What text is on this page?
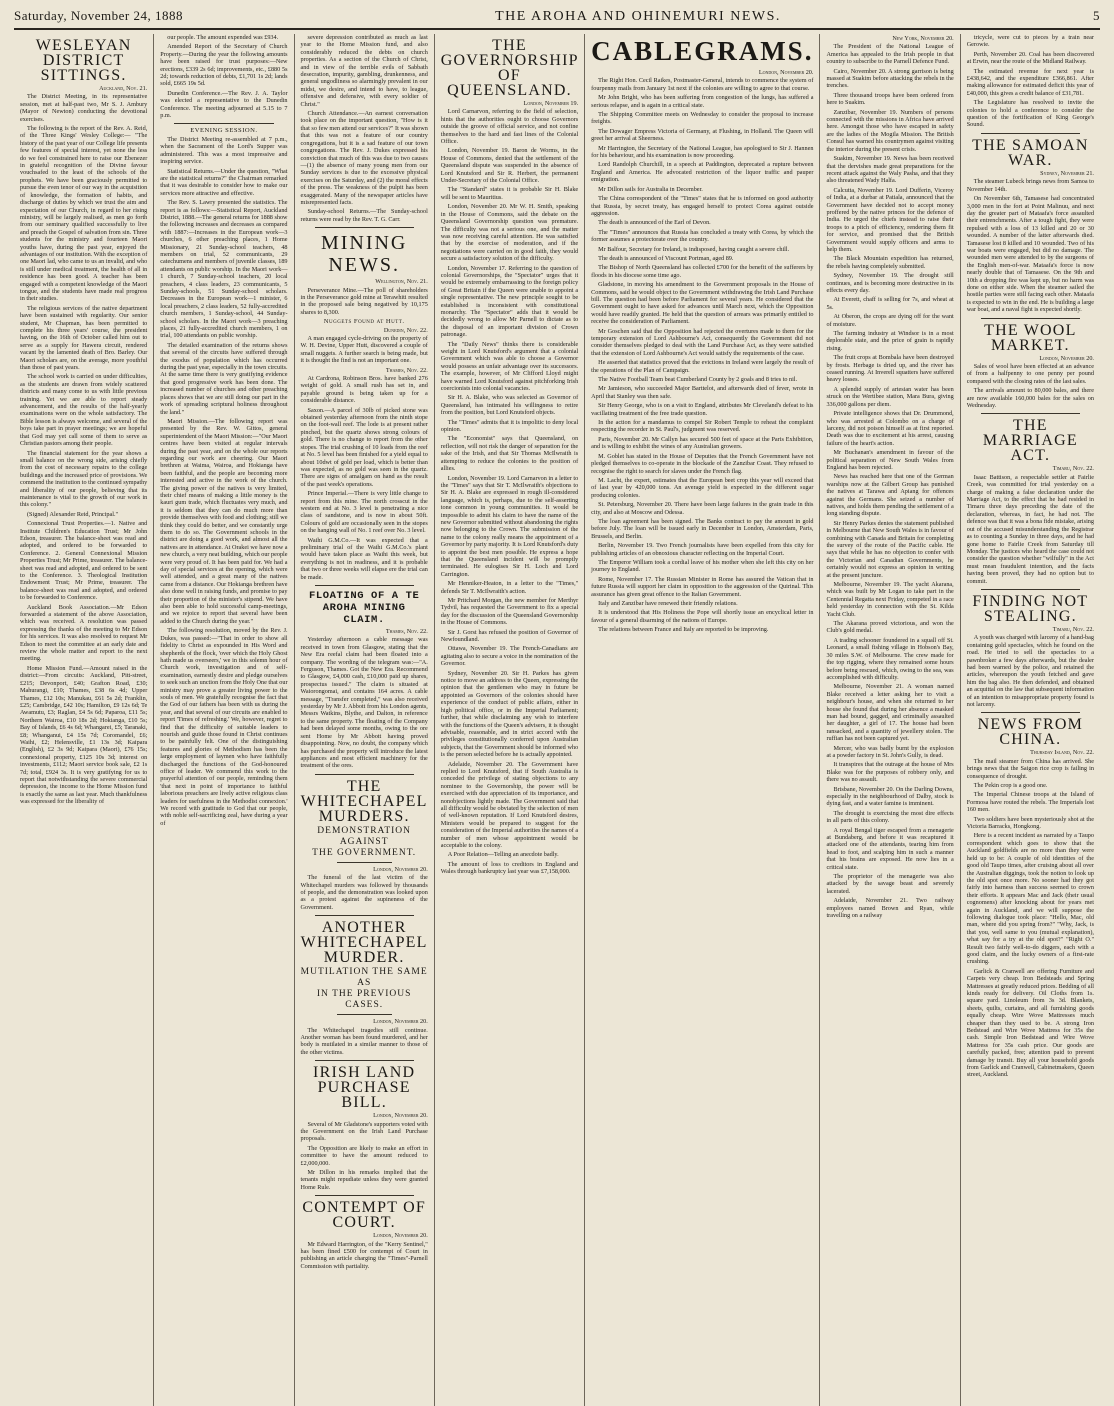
Saturday, November 24, 1888	THE AROHA AND OHINEMURI NEWS.	5
WESLEYAN DISTRICT SITTINGS.
Auckland, Nov. 21.

The District Meeting, in its representative session, met at half-past two, Mr S. J. Ambury (Mayor of Newton) conducting the devotional exercises.

The following is the report of the Rev. A. Reid, of the Three Kings' Wesley College:— "The history of the past year of our College life presents few features of special interest, yet none the less do we feel constrained here to raise our Ebenezer in grateful recognition of the Divine favour vouchsafed to the least of the schools of the prophets. We have been graciously permitted to pursue the even tenor of our way in the acquisition of knowledge, the formation of habits, and discharge of duties by which we trust the aim and expectation of our Church, in regard to her rising ministry, will be largely realised, as men go forth from our seminary qualified successfully to live and preach the Gospel of salvation from sin. Three students for the ministry and fourteen Maori youths have, during the past year, enjoyed the advantages of our institution. With the exception of one Maori lad, who came to us an invalid, and who is still under medical treatment, the health of all in residence has been good. A teacher has been engaged with a competent knowledge of the Maori tongue, and the students have made real progress in their studies.

The religious services of the native department have been sustained with regularity. Our senior student, Mr Chapman, has been permitted to complete his three years' course, the president having, on the 16th of October called him out to serve as a supply for Hawera circuit, rendered vacant by the lamented death of Bro. Barley. Our Maori scholars are, on the average, more youthful than those of past years.

The school work is carried on under difficulties, as the students are drawn from widely scattered districts and many come to us with little previous training. Yet we are able to report steady advancement, and the results of the half-yearly examinations were on the whole satisfactory. The Bible lesson is always welcome, and several of the boys take part in prayer meetings; we are hopeful that God may yet call some of them to serve as Christian pastors among their people.

The financial statement for the year shows a small balance on the wrong side, arising chiefly from the cost of necessary repairs to the college buildings and the increased price of provisions. We commend the institution to the continued sympathy and liberality of our people, believing that its maintenance is vital to the growth of our work in this colony."

(Signed) Alexander Reid, Principal."

Connexional Trust Properties.—1. Native and Institute Children's Education Trust; Mr John Edson, treasurer. The balance-sheet was read and adopted, and ordered to be forwarded to Conference. 2. General Connexional Mission Properties Trust; Mr Prime, treasurer. The balance-sheet was read and adopted, and ordered to be sent to the Conference. 3. Theological Institution Endowment Trust; Mr Prime, treasurer. The balance-sheet was read and adopted, and ordered to be forwarded to Conference.

Auckland Book Association.—Mr Edson forwarded a statement of the above Association, which was received. A resolution was passed expressing the thanks of the meeting to Mr Edson for his services. It was also resolved to request Mr Edson to meet the committee at an early date and review the whole matter and report to the next meeting.

Home Mission Fund.—Amount raised in the district:—From circuits: Auckland, Pitt-street, £215; Devonport, £40; Grafton Road, £30; Mahurangi, £10; Thames, £38 6s 4d; Upper Thames, £12 10s; Manukau, £61 5s 2d; Franklin, £25; Cambridge, £42 10s; Hamilton, £9 12s 6d; Te Awamutu, £3; Raglan, £4 5s 6d; Paparoa, £11 5s; Northern Wairoa, £10 18s 2d; Hokianga, £10 5s; Bay of Islands, £6 4s 6d; Whangarei, £5; Taranaki, £8; Whanganui, £4 15s 7d; Coromandel, £6; Waihi, £2; Helensville, £1 13s 3d; Kaipara (English), £2 3s 9d; Kaipara (Maori), £76 15s; connexional property, £125 10s 3d; interest on investments, £112; Maori service book sale, £2 1s 7d; total, £924 3s. It is very gratifying for us to report that notwithstanding the severe commercial depression, the income to the Home Mission fund is exactly the same as last year. Much thankfulness was expressed for the liberality of

our people. The amount expended was £934.

Amended Report of the Secretary of Church Property.—During the year the following amounts have been raised for trust purposes:—New erections, £339 2s 6d; improvements, etc., £880 5s 2d; towards reduction of debts, £1,701 1s 2d; lands sold, £665 19s 5d.

Dunedin Conference.—The Rev. J. A. Taylor was elected a representative to the Dunedin Conference. The meeting adjourned at 5.15 to 7 p.m.

EVENING SESSION.

The District Meeting re-assembled at 7 p.m., when the Sacrament of the Lord's Supper was administered. This was a most impressive and inspiring service.

Statistical Returns.—Under the question, "What are the statistical returns?" the Chairman remarked that it was desirable to consider how to make our services more attractive and effective.

The Rev. S. Lawry presented the statistics. The report is as follows:—Statistical Report, Auckland District, 1888.—The general returns for 1888 show the following increases and decreases as compared with 1887:—Increases in the European work—3 churches, 6 other preaching places, 1 Home Missionary, 21 Sunday-school teachers, 48 members on trial, 52 communicants, 29 catechumens and members of juvenile classes, 189 attendants on public worship. In the Maori work—1 church, 7 Sunday-school teachers, 20 local preachers, 4 class leaders, 23 communicants, 5 Sunday-schools, 51 Sunday-school scholars. Decreases in the European work—1 minister, 6 local preachers, 2 class leaders, 52 fully-accredited church members, 1 Sunday-school, 44 Sunday-school scholars. In the Maori work—3 preaching places, 21 fully-accredited church members, 1 on trial, 100 attendants on public worship.

The detailed examination of the returns shows that several of the circuits have suffered through the exodus of population which has occurred during the past year, especially in the town circuits. At the same time there is very gratifying evidence that good progressive work has been done. The increased number of churches and other preaching places shows that we are still doing our part in the work of spreading scriptural holiness throughout the land."

Maori Mission.—The following report was presented by the Rev. W. Gittos, general superintendent of the Maori Mission:—"Our Maori centres have been visited at regular intervals during the past year, and on the whole our reports regarding our work are cheering. Our Maori brethren at Waima, Wairoa, and Hokianga have been faithful, and the people are becoming more interested and active in the work of the church. The giving power of the natives is very limited, their chief means of making a little money is the kauri gum trade, which fluctuates very much, and it is seldom that they can do much more than provide themselves with food and clothing; still we think they could do better, and we constantly urge them to do so. The Government schools in the district are doing a good work, and almost all the natives are in attendance. At Orakei we have now a new church, a very neat building, which our people were very proud of. It has been paid for. We had a day of special services at the opening, which were well attended, and a great many of the natives came from a distance. Our Hokianga brethren have also done well in raising funds, and promise to pay their proportion of the minister's stipend. We have also been able to hold successful camp-meetings, and we rejoice to report that several have been added to the Church during the year."

The following resolution, moved by the Rev. J. Dukes, was passed:—"That in order to show all fidelity to Christ as expounded in His Word and shepherds of the flock, 'over which the Holy Ghost hath made us overseers,' we in this solemn hour of Church work, investigation and of self-examination, earnestly desire and pledge ourselves to seek such an unction from the Holy One that our ministry may prove a greater living power to the souls of men. We gratefully recognise the fact that the God of our fathers has been with us during the year, and that several of our circuits are enabled to report 'Times of refreshing.' We, however, regret to find that the difficulty of suitable leaders to nourish and guide those found in Christ continues to be painfully felt. One of the distinguishing features and glories of Methodism has been the large employment of laymen who have faithfully discharged the functions of the God-honoured office of leader. We commend this work to the prayerful attention of our people, reminding them 'that next in point of importance to faithful laborious preachers are lively active religious class leaders for usefulness in the Methodist connexion.' We record with gratitude to God that our people, with noble self-sacrificing zeal, have during a year of

severe depression contributed as much as last year to the Home Mission fund, and also considerably reduced the debts on church properties. As a section of the Church of Christ, and in view of the terrible evils of Sabbath desecration, impurity, gambling, drunkenness, and general ungodliness so alarmingly prevalent in our midst, we desire, and intend to have, to league, offensive and defensive, with every soldier of Christ."

Church Attendance.—An earnest conversation took place on the important question, "How is it that so few men attend our services?" It was shown that this was not a feature of our country congregations, but it is a sad feature of our town congregations. The Rev. J. Dukes expressed his conviction that much of this was due to two causes—(1) the absence of many young men from our Sunday services is due to the excessive physical exercises on the Saturday, and (2) the moral effects of the press. The weakness of the pulpit has been exaggerated. Many of the newspaper articles have misrepresented facts.

Sunday-school Returns.—The Sunday-school returns were read by the Rev. T. G. Carr.

MINING NEWS.
Wellington, Nov. 21.

Perseverance Mine.—The poll of shareholders in the Perseverance gold mine at Terawhiti resulted in the proposed sale being negatived by 10,175 shares to 8,300.

Nuggets Found at Hutt.
Dunedin, Nov. 22.

A man engaged cycle-driving on the property of W. H. Devine, Upper Hutt, discovered a couple of small nuggets. A further search is being made, but it is thought the find is not an important one.

Thames, Nov. 22.

At Cardrona, Robinson Bros. have banked 276 weight of gold. A small rush has set in, and payable ground is being taken up for a considerable distance.

Saxon.—A parcel of 30lb of picked stone was obtained yesterday afternoon from the ninth stope on the foot-wall reef. The lode is at present rather pinched, but the quartz shows strong colours of gold. There is no change to report from the other stopes. The trial crushing of 10 loads from the reef at No. 5 level has been finished for a yield equal to about 10dwt of gold per load, which is better than was expected, as no gold was seen in the quartz. There are signs of amalgam on hand as the result of the past week's operations.

Prince Imperial.—There is very little change to report from this mine. The north crosscut in the western end at No. 3 level is penetrating a nice class of sandstone, and is now in about 50ft. Colours of gold are occasionally seen in the stopes on the hanging wall of No. 1 reef over No. 3 level.

Waihi G.M.Co.—It was expected that a preliminary trial of the Waihi G.M.Co.'s plant would have taken place as Waihi this week, but everything is not in readiness, and it is probable that two or three weeks will elapse ere the trial can be made.

FLOATING OF A TE AROHA MINING CLAIM.
Thames, Nov. 22.

Yesterday afternoon a cable message was received in town from Glasgow, stating that the New Era reefal claim had been floated into a company. The wording of the telegram was:—"A. Ferguson, Thames. Got the New Era. Recommend to Glasgow, £4,000 cash, £10,000 paid up shares, prospectus issued." The claim is situated at Waiorongomai, and contains 164 acres. A cable message, "Transfer completed," was also received yesterday by Mr J. Abbott from his London agents, Messrs Watkins, Blythe, and Dalton, in reference to the same property. The floating of the Company had been delayed some months, owing to the ore sent Home by Mr Abbott having proved disappointing. Now, no doubt, the company which has purchased the property will introduce the latest appliances and most efficient machinery for the treatment of the ores.

THE WHITECHAPEL MURDERS.
DEMONSTRATION AGAINST
THE GOVERNMENT.
London, November 20.

The funeral of the last victim of the Whitechapel murders was followed by thousands of people, and the demonstration was looked upon as a protest against the supineness of the Government.

ANOTHER WHITECHAPEL MURDER.
MUTILATION THE SAME AS
IN THE PREVIOUS CASES.
London, November 20.

The Whitechapel tragedies still continue. Another woman has been found murdered, and her body is mutilated in a similar manner to those of the other victims.

IRISH LAND PURCHASE BILL.
London, November 20.

Several of Mr Gladstone's supporters voted with the Government on the Irish Land Purchase proposals.

The Opposition are likely to make an effort in committee to have the amount reduced to £2,000,000.

Mr Dillon in his remarks implied that the tenants might repudiate unless they were granted Home Rule.

CONTEMPT OF COURT.
London, November 20.

Mr Edward Harrington, of the "Kerry Sentinel," has been fined £500 for contempt of Court in publishing an article charging the "Times"-Parnell Commission with partiality.

THE GOVERNORSHIP OF QUEENSLAND.
London, November 19.

Lord Carnarvon, referring to the field of selection, hints that the authorities ought to choose Governors outside the groove of official service, and not confine themselves to the hard and fast lines of the Colonial Office.

London, November 19. Baron de Worms, in the House of Commons, denied that the settlement of the Queensland dispute was suspended in the absence of Lord Knutsford and Sir R. Herbert, the permanent Under-Secretary of the Colonial Office.

The "Standard" states it is probable Sir H. Blake will be sent to Mauritius.

London, November 20. Mr W. H. Smith, speaking in the House of Commons, said the debate on the Queensland Governorship question was premature. The difficulty was not a serious one, and the matter was now receiving careful attention. He was satisfied that by the exercise of moderation, and if the negotiations were carried on in good faith, they would secure a satisfactory solution of the difficulty.

London, November 17. Referring to the question of colonial Governorships, the "Spectator" urges that it would be extremely embarrassing to the foreign policy of Great Britain if the Queen were unable to appoint a single representative. The new principle sought to be established is inconsistent with constitutional monarchy. The "Spectator" adds that it would be decidedly wrong to allow Mr Parnell to dictate as to the disposal of an important division of Crown patronage.

The "Daily News" thinks there is considerable weight in Lord Knutsford's argument that a colonial Government which was able to choose a Governor would possess an unfair advantage over its successors. The example, however, of Mr Clifford Lloyd might have warned Lord Knutsford against pitchforking Irish coercionists into colonial vacancies.

Sir H. A. Blake, who was selected as Governor of Queensland, has intimated his willingness to retire from the position, but Lord Knutsford objects.

The "Times" admits that it is impolitic to deny local opinion.

The "Economist" says that Queensland, on reflection, will not risk the danger of separation for the sake of the Irish, and that Sir Thomas McIlwraith is attempting to reduce the colonies to the position of allies.

London, November 19. Lord Carnarvon in a letter to the "Times" says that Sir T. McIlwraith's objections to Sir H. A. Blake are expressed in rough ill-considered language, which is, perhaps, due to the self-asserting tone common in young communities. It would be impossible to admit his claim to have the name of the new Governor submitted without abandoning the rights now belonging to the Crown. The submission of the name to the colony really means the appointment of a Governor by party majority. It is Lord Knutsford's duty to appoint the best men possible. He express a hope that the Queensland incident will be promptly terminated. He eulogises Sir H. Loch and Lord Carrington.

Mr Henniker-Heaton, in a letter to the "Times," defends Sir T. McIlwraith's action.

Mr Pritchard Morgan, the new member for Merthyr Tydvil, has requested the Government to fix a special day for the discussion of the Queensland Governorship in the House of Commons.

Sir J. Gorst has refused the position of Governor of Newfoundland.

Ottawa, November 19. The French-Canadians are agitating also to secure a voice in the nomination of the Governor.

Sydney, November 20. Sir H. Parkes has given notice to move an address to the Queen, expressing the opinion that the gentlemen who may in future be appointed as Governors of the colonies should have experience of the conduct of public affairs, either in high political office, or in the Imperial Parliament; further, that while disclaiming any wish to interfere with the functions of the Queen's advisers, it is thought advisable, reasonable, and in strict accord with the privileges constitutionally conferred upon Australian subjects, that the Government should be informed who is the person selected before he is actually appointed.

Adelaide, November 20. The Government have replied to Lord Knutsford, that if South Australia is conceded the privilege of stating objections to any nominee to the Governorship, the power will be exercised with due appreciation of its importance, and nonobjections lightly made. The Government said that all difficulty would be obviated by the selection of men of well-known reputation. If Lord Knutsford desires, Ministers would be prepared to suggest for the consideration of the Imperial authorities the names of a number of men whose appointment would be acceptable to the colony.

A Poor Relation—Telling an anecdote badly.

The amount of loss to creditors in England and Wales through bankruptcy last year was £7,158,000.

CABLEGRAMS.
London, November 20.

The Right Hon. Cecil Raikes, Postmaster-General, intends to commence the system of fourpenny mails from January 1st next if the colonies are willing to agree to that course.

Mr John Bright, who has been suffering from congestion of the lungs, has suffered a serious relapse, and is again in a critical state.

The Shipping Committee meets on Wednesday to consider the proposal to increase freights.

The Dowager Empress Victoria of Germany, at Flushing, in Holland. The Queen will greet her arrival at Sheerness.

Mr Harrington, the Secretary of the National League, has apologised to Sir J. Hannen for his behaviour, and his examination is now proceeding.

Lord Randolph Churchill, in a speech at Paddington, deprecated a rupture between England and America. He advocated restriction of the liquor traffic and pauper emigration.

Mr Dillon sails for Australia in December.

The China correspondent of the "Times" states that he is informed on good authority that Russia, by secret treaty, has engaged herself to protect Corea against outside aggression.

The death is announced of the Earl of Devon.

The "Times" announces that Russia has concluded a treaty with Corea, by which the former assumes a protectorate over the country.

Mr Balfour, Secretary for Ireland, is indisposed, having caught a severe chill.

The death is announced of Viscount Portman, aged 89.

The Bishop of North Queensland has collected £700 for the benefit of the sufferers by floods in his diocese some time ago.

Gladstone, in moving his amendment to the Government proposals in the House of Commons, said he would object to the Government withdrawing the Irish Land Purchase bill. The question had been before Parliament for several years. He considered that the Government ought to have asked for advances until March next, which the Opposition would have readily granted. He held that the question of arrears was primarily entitled to receive the consideration of Parliament.

Mr Goschen said that the Opposition had rejected the overtures made to them for the temporary extension of Lord Ashbourne's Act, consequently the Government did not consider themselves pledged to deal with the Land Purchase Act, as they were satisfied that the extension of Lord Ashbourne's Act would satisfy the requirements of the case.

He asserted that statistics proved that the evictions in Ireland were largely the result of the operations of the Plan of Campaign.

The Native Football Team beat Cumberland County by 2 goals and 8 tries to nil.

Mr Jamieson, who succeeded Major Barttelot, and afterwards died of fever, wrote in April that Stanley was then safe.

Sir Henry George, who is on a visit to England, attributes Mr Cleveland's defeat to his vacillating treatment of the free trade question.

In the action for a mandamus to compel Sir Robert Temple to reheat the complaint respecting the recorder in St. Paul's, judgment was reserved.

Paris, November 20. Mr Callyn has secured 500 feet of space at the Paris Exhibition, and is willing to exhibit the wines of any Australian growers.

M. Goblet has stated in the House of Deputies that the French Government have not pledged themselves to co-operate in the blockade of the Zanzibar Coast. They refused to recognise the right to search for slaves under the French flag.

M. Lacht, the expert, estimates that the European beet crop this year will exceed that of last year by 420,000 tons. An average yield is expected in the different sugar producing colonies.

St. Petersburg, November 20. There have been large failures in the grain trade in this city, and also at Moscow and Odessa.

The loan agreement has been signed. The Banks contract to pay the amount in gold before July. The loan will be issued early in December in London, Amsterdam, Paris, Brussels, and Berlin.

Berlin, November 19. Two French journalists have been expelled from this city for publishing articles of an obnoxious character reflecting on the Imperial Court.

The Emperor William took a cordial leave of his mother when she left this city on her journey to England.

Rome, November 17. The Russian Minister in Rome has assured the Vatican that in future Russia will support her claim in opposition to the aggression of the Quirinal. This assurance has given great offence to the Italian Government.

Italy and Zanzibar have renewed their friendly relations.

It is understood that His Holiness the Pope will shortly issue an encyclical letter in favour of a general disarming of the nations of Europe.

The relations between France and Italy are reported to be improving.

New York, November 20.

The President of the National League of America has appealed to the Irish people in that country to subscribe to the Parnell Defence Fund.

Cairo, November 20. A strong garrison is being massed at Suakim before attacking the rebels in the trenches.

Three thousand troops have been ordered from here to Suakim.

Zanzibar, November 19. Numbers of persons connected with the missions in Africa have arrived here. Amongst those who have escaped in safety are the ladies of the Mogila Mission. The British Consul has warned his countrymen against visiting the interior during the present crisis.

Suakim, November 19. News has been received that the dervishes made great preparations for the recent attack against the Waly Pasha, and that they also threatened Wady Halfa.

Calcutta, November 19. Lord Dufferin, Viceroy of India, at a durbar at Patiala, announced that the Government have decided not to accept money proffered by the native princes for the defence of India. He urged the chiefs instead to raise their troops to a pitch of efficiency, rendering them fit for service, and promised that the British Government would supply officers and arms to help them.

The Black Mountain expedition has returned, the rebels having completely submitted.

Sydney, November 19. The drought still continues, and is becoming more destructive in its effects every day.

At Everett, chaff is selling for 7s, and wheat at 5s.

At Oberon, the crops are dying off for the want of moisture.

The farming industry at Windsor is in a most deplorable state, and the price of grain is rapidly rising.

The fruit crops at Bombala have been destroyed by frosts. Herbage is dried up, and the river has ceased running. At Inverell squatters have suffered heavy losses.

A splendid supply of artesian water has been struck on the Wertibee station, Mara Bura, giving 336,000 gallons per diem.

Private intelligence shows that Dr. Drummond, who was arrested at Colombo on a charge of larceny, did not poison himself as at first reported. Death was due to excitement at his arrest, causing failure of the heart's action.

Mr Buchanan's amendment in favour of the political separation of New South Wales from England has been rejected.

News has reached here that one of the German warships now at the Gilbert Group has punished the natives at Tarawa and Apiang for offences against the Germans. She seized a number of natives, and holds them pending the settlement of a long standing dispute.

Sir Henry Parkes denies the statement published in Melbourne that New South Wales is in favour of combining with Canada and Britain for completing the survey of the route of the Pacific cable. He says that while he has no objection to confer with the Victorian and Canadian Governments, he certainly would not express an opinion in writing at the present juncture.

Melbourne, November 19. The yacht Akarana, which was built by Mr Logan to take part in the Centennial Regatta next Friday, competed in a race held yesterday in connection with the St. Kilda Yacht Club.

The Akarana proved victorious, and won the Club's gold medal.

A trading schooner foundered in a squall off St. Leonard, a small fishing village in Hobson's Bay, 30 miles S.W. of Melbourne. The crew made for the top rigging, where they remained some hours before being rescued, which, owing to the sea, was accomplished with difficulty.

Melbourne, November 21. A woman named Blake received a letter asking her to visit a neighbour's house, and when she returned to her house she found that during her absence a masked man had bound, gagged, and criminally assaulted her daughter, a girl of 17. The house had been ransacked, and a quantity of jewellery stolen. The ruffian has not been captured yet.

Mercer, who was badly burnt by the explosion at a powder factory in St. John's Gully, is dead.

It transpires that the outrage at the house of Mrs Blake was for the purposes of robbery only, and there was no assault.

Brisbane, November 20. On the Darling Downs, especially in the neighbourhood of Dalby, stock is dying fast, and a water famine is imminent.

The drought is exercising the most dire effects in all parts of this colony.

A royal Bengal tiger escaped from a menagerie at Bundaberg, and before it was recaptured it attacked one of the attendants, tearing him from head to foot, and scalping him in such a manner that his brains are exposed. He now lies in a critical state.

The proprietor of the menagerie was also attacked by the savage beast and severely lacerated.

Adelaide, November 21. Two railway employees named Brown and Ryan, while travelling on a railway

tricycle, were cut to pieces by a train near Gerowie.

Perth, November 20. Coal has been discovered at Erwin, near the route of the Midland Railway.

The estimated revenue for next year is £438,642, and the expenditure £366,861. After making allowance for estimated deficit this year of £40,000, this gives a credit balance of £31,781.

The Legislature has resolved to invite the colonies to hold a conference to consider the question of the fortification of King George's Sound.

THE SAMOAN WAR.
Sydney, November 21.

The steamer Lubeck brings news from Samoa to November 14th.

On November 6th, Tamasese had concentrated 3,000 men in the fort at Point Malinuu, and next day the greater part of Mataafa's force assaulted their entrenchments. After a tough fight, they were repulsed with a loss of 13 killed and 20 or 30 wounded. A number of the latter afterwards died. Tamasese lost 8 killed and 10 wounded. Two of his war boats were engaged, but did no damage. The wounded men were attended to by the surgeons of the English men-of-war. Mataafa's force is now nearly double that of Tamasese. On the 9th and 10th a dropping fire was kept up, but no harm was done on either side. When the steamer sailed the hostile parties were still facing each other. Mataafa is expected to win in the end. He is building a large war boat, and a naval fight is expected shortly.

THE WOOL MARKET.
London, November 20.

Sales of wool have been effected at an advance of from a halfpenny to one penny per pound compared with the closing rates of the last sales.

The arrivals amount to 80,000 bales, and there are now available 160,000 bales for the sales on Wednesday.

THE MARRIAGE ACT.
Timaru, Nov. 22.

Isaac Battison, a respectable settler at Fairlie Creek, was committed for trial yesterday on a charge of making a false declaration under the Marriage Act, to the effect that he had resided in Timaru three days preceding the date of the declaration, whereas, in fact, he had not. The defence was that it was a bona fide mistake, arising out of the accused misunderstanding the Registrar as to counting a Sunday in three days, and he had gone home to Fairlie Creek from Saturday till Monday. The justices who heard the case could not consider the question whether "wilfully" in the Act must mean fraudulent intention, and the facts having been proved, they had no option but to commit.

FINDING NOT STEALING.
Timaru, Nov. 22.

A youth was charged with larceny of a hand-bag containing gold spectacles, which he found on the road. He tried to sell the spectacles to a pawnbroker a few days afterwards, but the dealer had been warned by the police, and retained the articles, whereupon the youth fetched and gave him the bag also. He then defended, and obtained an acquittal on the law that subsequent information of an intention to misappropriate property found is not larceny.

NEWS FROM CHINA.
Thursday Island, Nov. 22.

The mail steamer from China has arrived. She brings news that the Saigon rice crop is failing in consequence of drought.

The Pekin crop is a good one.

The Imperial Chinese troops at the Island of Formosa have routed the rebels. The Imperials lost 160 men.

Two soldiers have been mysteriously shot at the Victoria Barracks, Hongkong.

Here is a recent incident as narrated by a Taupo correspondent which goes to show that the Auckland goldfields are no more than they were held up to be: A couple of old identities of the good old Taupo times, after cruising about all over the Australian diggings, took the notion to look up the old spot once more. No sooner had they got fairly into harness than success seemed to crown their efforts. It appears Mac and Jack (their usual cognomens) after knocking about for years met again in Auckland, and we will suppose the following dialogue took place: "Hello, Mac, old man, where did you spring from?" "Why, Jack, is that you, well same to you (mutual explanation), what say for a try at the old spot?" "Right O." Result two fairly well-to-do diggers, each with a good claim, and the lucky owners of a first-rate crushing.

Garlick & Cranwell are offering Furniture and Carpets very cheap. Iron Bedsteads and Spring Mattresses at greatly reduced prices. Bedding of all kinds ready for delivery. Oil Cloths from 1s. square yard. Linoleum from 3s 3d. Blankets, sheets, quilts, curtains, and all furnishing goods equally cheap. Wire Wove Mattresses much cheaper than they used to be. A strong Iron Bedstead and Wire Wove Mattress for 35s the cash. Simple Iron Bedstead and Wire Wove Mattress for 35s cash price. Our goods are carefully packed, free; attention paid to prevent damage by transit. Buy all your household goods from Garlick and Cranwell, Cabinetmakers, Queen street, Auckland.
